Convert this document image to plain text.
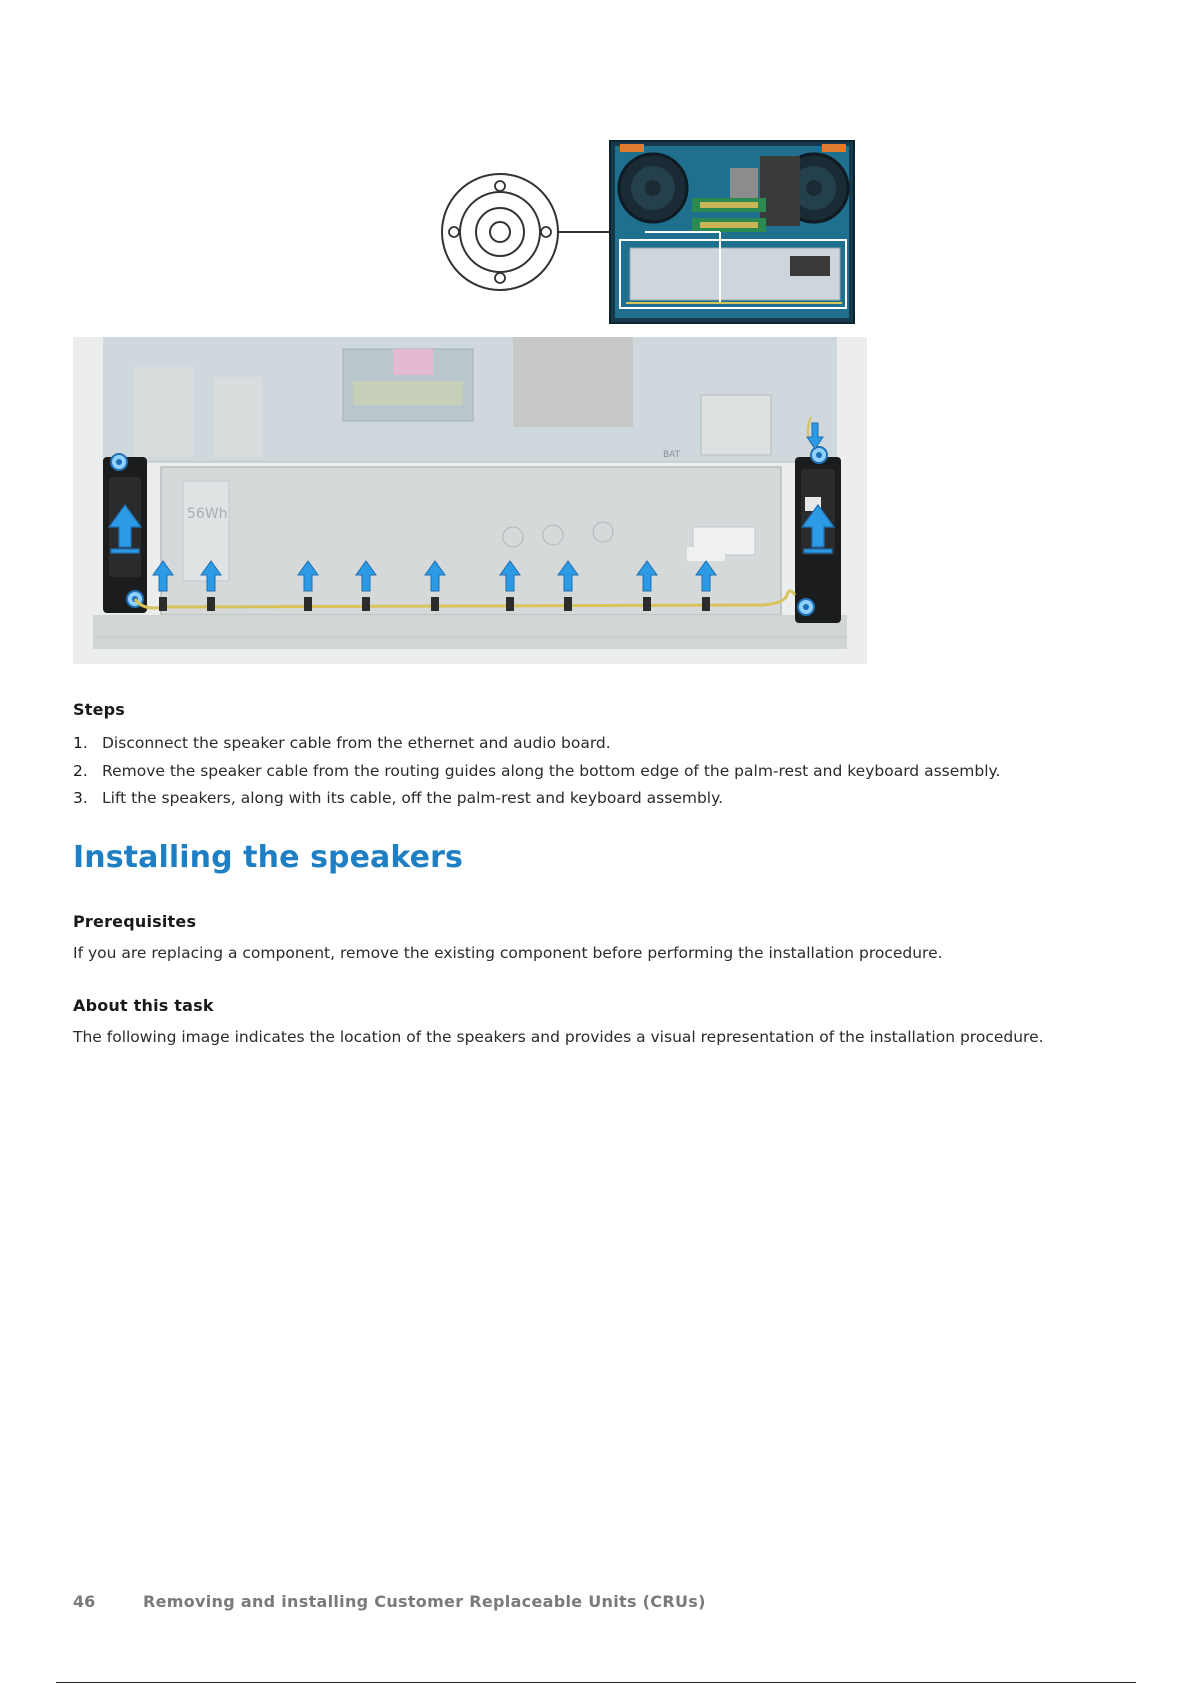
56Wh
BAT
Steps
1. Disconnect the speaker cable from the ethernet and audio board.
2. Remove the speaker cable from the routing guides along the bottom edge of the palm-rest and keyboard assembly.
3. Lift the speakers, along with its cable, off the palm-rest and keyboard assembly.
Installing the speakers
Prerequisites
If you are replacing a component, remove the existing component before performing the installation procedure.
About this task
The following image indicates the location of the speakers and provides a visual representation of the installation procedure.
46	Removing and installing Customer Replaceable Units (CRUs)
